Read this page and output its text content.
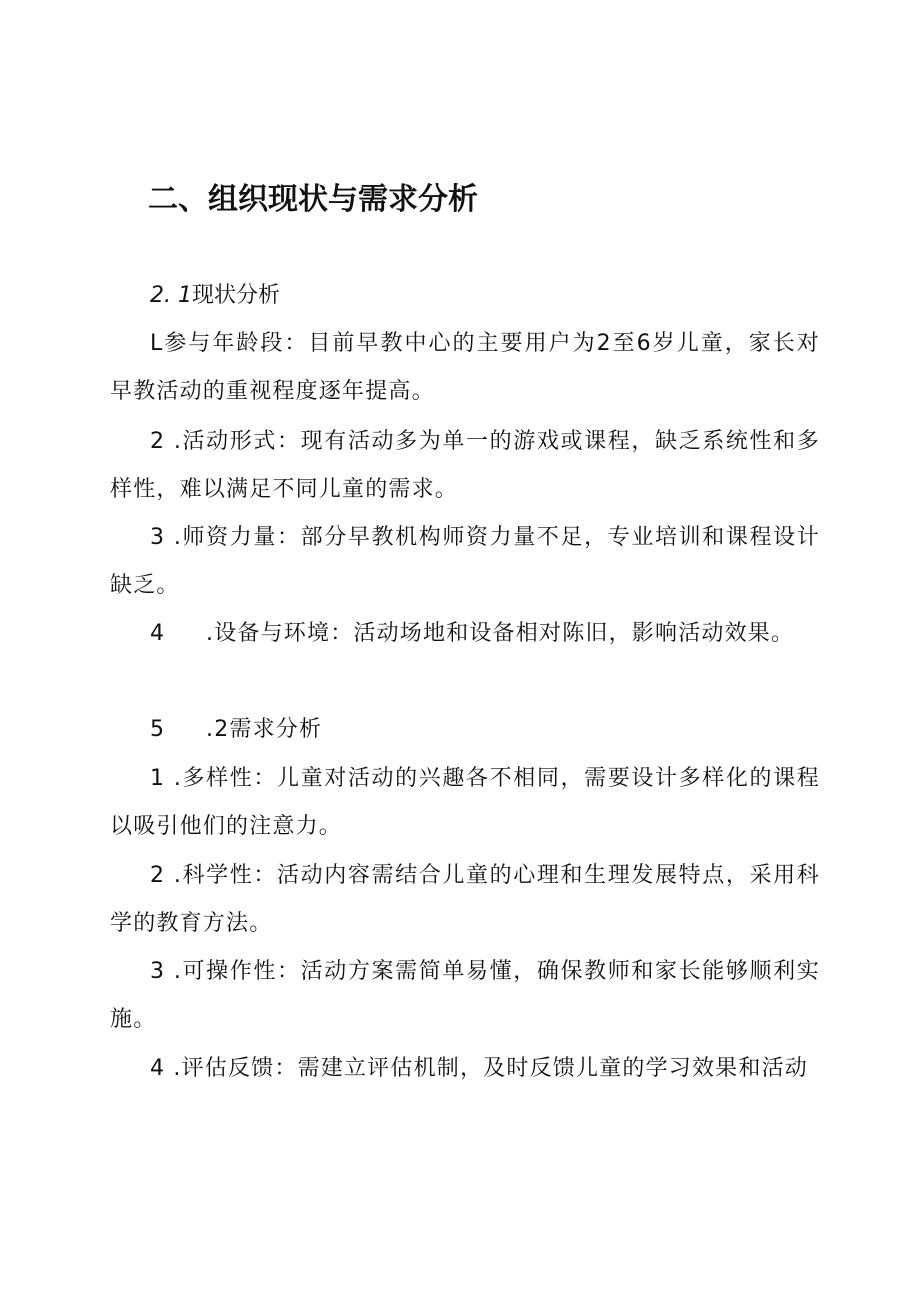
二、组织现状与需求分析
2. 1现状分析

L参与年龄段：目前早教中心的主要用户为2至6岁儿童，家长对早教活动的重视程度逐年提高。

2 .活动形式：现有活动多为单一的游戏或课程，缺乏系统性和多样性，难以满足不同儿童的需求。

3 .师资力量：部分早教机构师资力量不足，专业培训和课程设计缺乏。

4 .设备与环境：活动场地和设备相对陈旧，影响活动效果。
5 .2需求分析

1 .多样性：儿童对活动的兴趣各不相同，需要设计多样化的课程以吸引他们的注意力。

2 .科学性：活动内容需结合儿童的心理和生理发展特点，采用科学的教育方法。

3 .可操作性：活动方案需简单易懂，确保教师和家长能够顺利实施。

4 .评估反馈：需建立评估机制，及时反馈儿童的学习效果和活动
